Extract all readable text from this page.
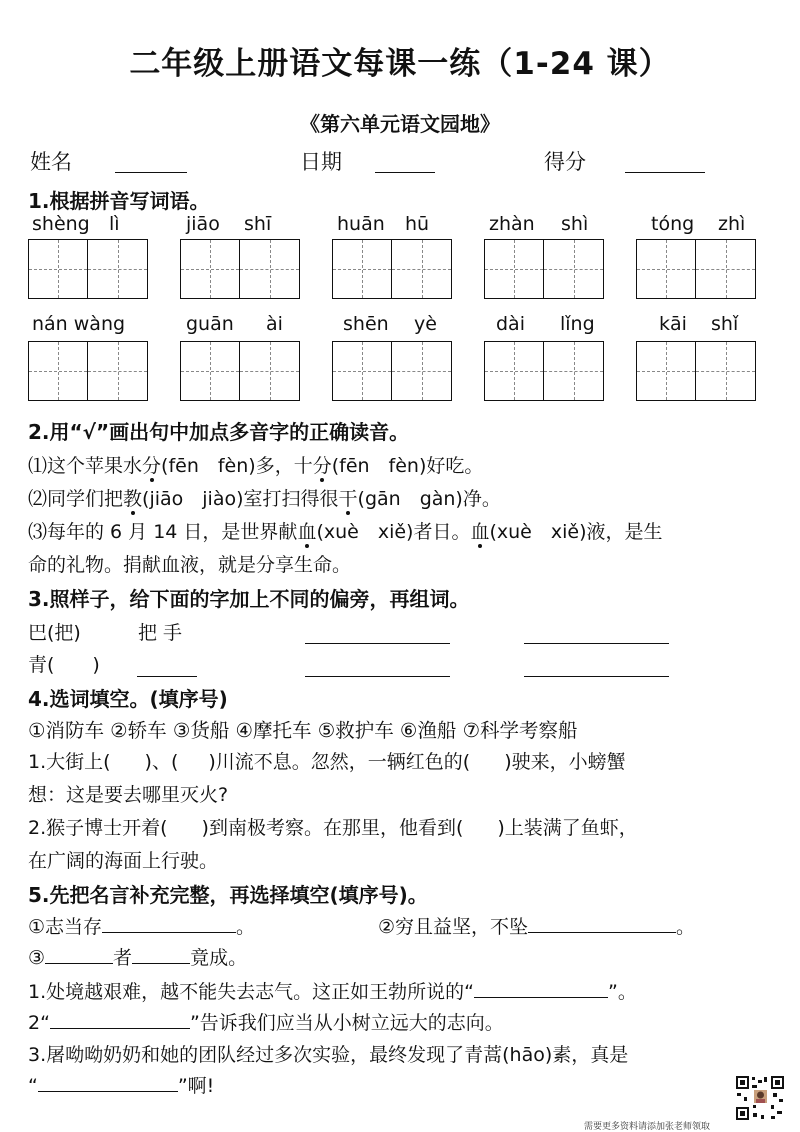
二年级上册语文每课一练（1-24 课）
《第六单元语文园地》
姓名	日期	得分
1.根据拼音写词语。
shèng lì	jiāo shī	huān hū	zhàn shì	tóng zhì
nán wàng	guān ài	shēn yè	dài lǐng	kāi shǐ
2.用“√”画出句中加点多音字的正确读音。
⑴这个苹果水分(fēn　fèn)多，十分(fēn　fèn)好吃。
⑵同学们把教(jiāo　jiào)室打扫得很干(gān　gàn)净。
⑶每年的 6 月 14 日，是世界献血(xuè　xiě)者日。血(xuè　xiě)液，是生
命的礼物。捐献血液，就是分享生命。
3.照样子，给下面的字加上不同的偏旁，再组词。
巴(把)	把 手
青(　　)
4.选词填空。(填序号)
①消防车 ②轿车 ③货船 ④摩托车 ⑤救护车 ⑥渔船 ⑦科学考察船
1.大街上( )、( )川流不息。忽然，一辆红色的( )驶来，小螃蟹
想：这是要去哪里灭火?
2.猴子博士开着( )到南极考察。在那里，他看到( )上装满了鱼虾，
在广阔的海面上行驶。
5.先把名言补充完整，再选择填空(填序号)。
①志当存	。	②穷且益坚，不坠	。
③	者	竟成。
1.处境越艰难，越不能失去志气。这正如王勃所说的“	”。
2“	”告诉我们应当从小树立远大的志向。
3.屠呦呦奶奶和她的团队经过多次实验，最终发现了青蒿(hāo)素，真是
“	”啊!
需要更多资料请添加张老师领取
